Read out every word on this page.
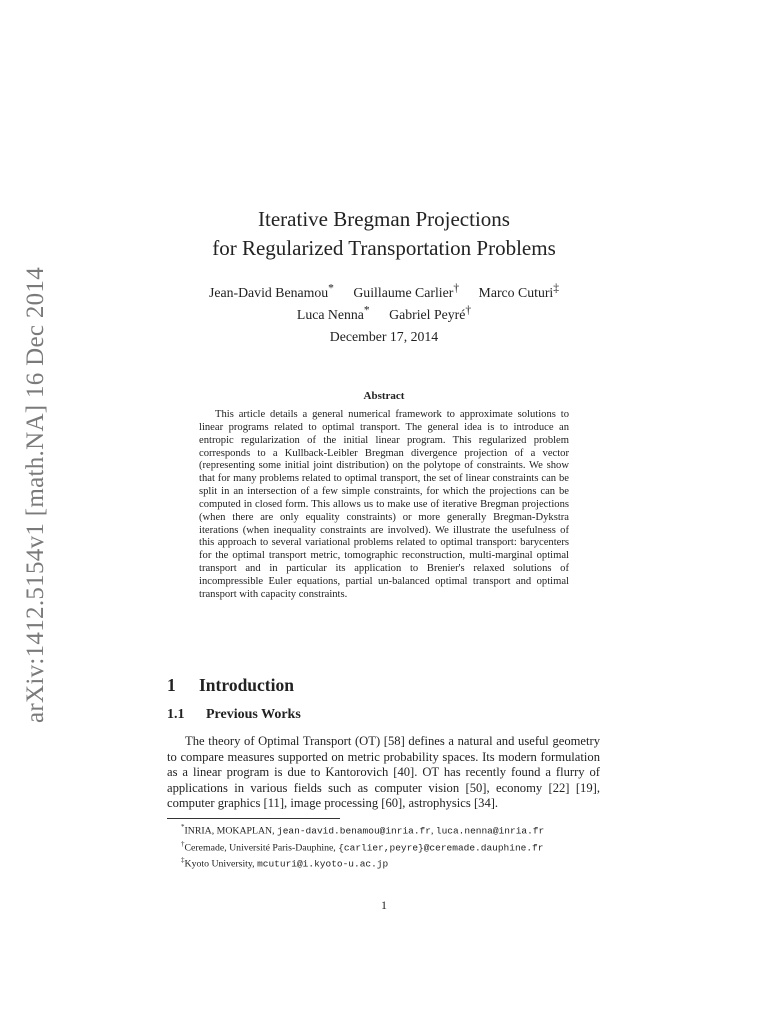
arXiv:1412.5154v1 [math.NA] 16 Dec 2014
Iterative Bregman Projections
for Regularized Transportation Problems
Jean-David Benamou* Guillaume Carlier† Marco Cuturi‡
Luca Nenna* Gabriel Peyré†
December 17, 2014
Abstract
This article details a general numerical framework to approximate solutions to linear programs related to optimal transport. The general idea is to introduce an entropic regularization of the initial linear program. This regularized problem corresponds to a Kullback-Leibler Bregman divergence projection of a vector (representing some initial joint distribution) on the polytope of constraints. We show that for many problems related to optimal transport, the set of linear constraints can be split in an intersection of a few simple constraints, for which the projections can be computed in closed form. This allows us to make use of iterative Bregman projections (when there are only equality constraints) or more generally Bregman-Dykstra iterations (when inequality constraints are involved). We illustrate the usefulness of this approach to several variational problems related to optimal transport: barycenters for the optimal transport metric, tomographic reconstruction, multi-marginal optimal transport and in particular its application to Brenier's relaxed solutions of incompressible Euler equations, partial un-balanced optimal transport and optimal transport with capacity constraints.
1 Introduction
1.1 Previous Works
The theory of Optimal Transport (OT) [58] defines a natural and useful geometry to compare measures supported on metric probability spaces. Its modern formulation as a linear program is due to Kantorovich [40]. OT has recently found a flurry of applications in various fields such as computer vision [50], economy [22] [19], computer graphics [11], image processing [60], astrophysics [34].
*INRIA, MOKAPLAN, jean-david.benamou@inria.fr, luca.nenna@inria.fr
†Ceremade, Université Paris-Dauphine, {carlier,peyre}@ceremade.dauphine.fr
‡Kyoto University, mcuturi@i.kyoto-u.ac.jp
1
